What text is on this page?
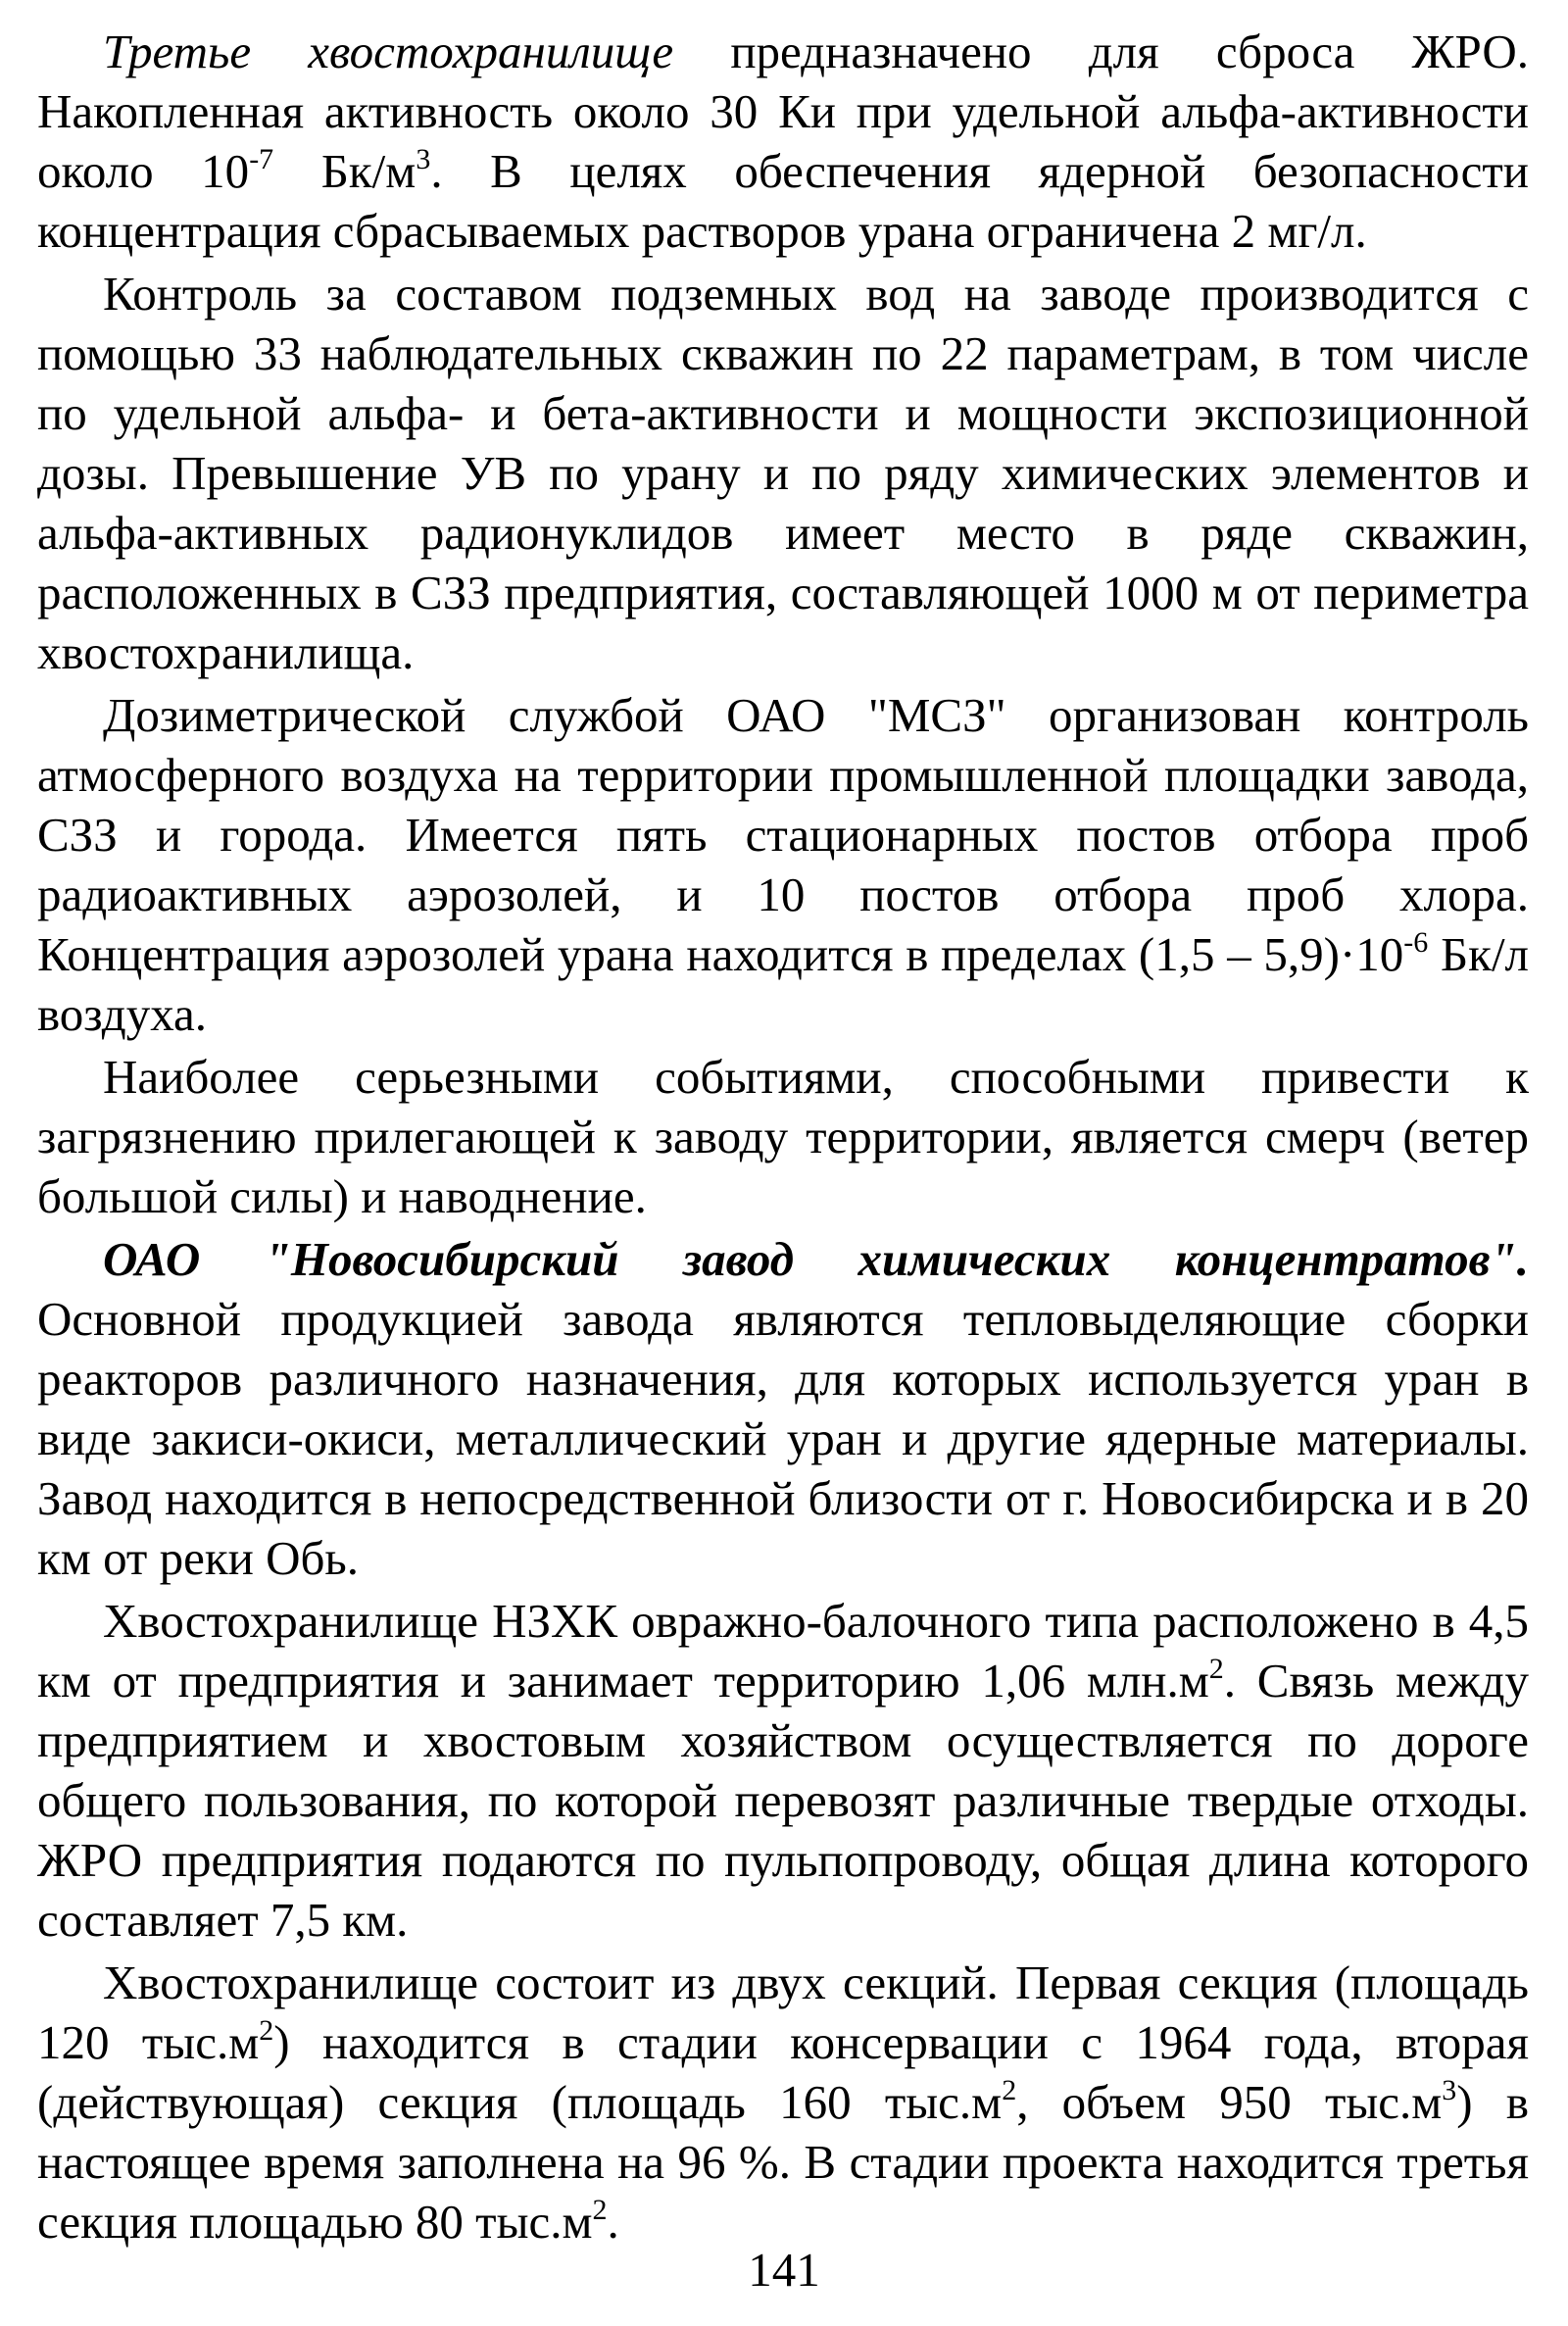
Третье хвостохранилище предназначено для сброса ЖРО. Накопленная активность около 30 Ки при удельной альфа-активности около $10^{-7}$ $Бк/м^3$. В целях обеспечения ядерной безопасности концентрация сбрасываемых растворов урана ограничена 2 мг/л.

Контроль за составом подземных вод на заводе производится с помощью 33 наблюдательных скважин по 22 параметрам, в том числе по удельной альфа- и бета-активности и мощности экспозиционной дозы. Превышение УВ по урану и по ряду химических элементов и альфа-активных радионуклидов имеет место в ряде скважин, расположенных в СЗЗ предприятия, составляющей 1000 м от периметра хвостохранилища.

Дозиметрической службой ОАО "МСЗ" организован контроль атмосферного воздуха на территории промышленной площадки завода, СЗЗ и города. Имеется пять стационарных постов отбора проб радиоактивных аэрозолей, и 10 постов отбора проб хлора. Концентрация аэрозолей урана находится в пределах $(1,5 - 5,9)\cdot 10^{-6}$ Бк/л воздуха.

Наиболее серьезными событиями, способными привести к загрязнению прилегающей к заводу территории, является смерч (ветер большой силы) и наводнение.

ОАО "Новосибирский завод химических концентратов". Основной продукцией завода являются тепловыделяющие сборки реакторов различного назначения, для которых используется уран в виде закиси-окиси, металлический уран и другие ядерные материалы. Завод находится в непосредственной близости от г. Новосибирска и в 20 км от реки Обь.

Хвостохранилище НЗХК овражно-балочного типа расположено в 4,5 км от предприятия и занимает территорию 1,06 $млн.м^2$. Связь между предприятием и хвостовым хозяйством осуществляется по дороге общего пользования, по которой перевозят различные твердые отходы. ЖРО предприятия подаются по пульпопроводу, общая длина которого составляет 7,5 км.

Хвостохранилище состоит из двух секций. Первая секция (площадь 120 $тыс.м^2$) находится в стадии консервации с 1964 года, вторая (действующая) секция (площадь 160 $тыс.м^2$, объем 950 $тыс.м^3$) в настоящее время заполнена на 96 %. В стадии проекта находится третья секция площадью 80 $тыс.м^2$.

141
